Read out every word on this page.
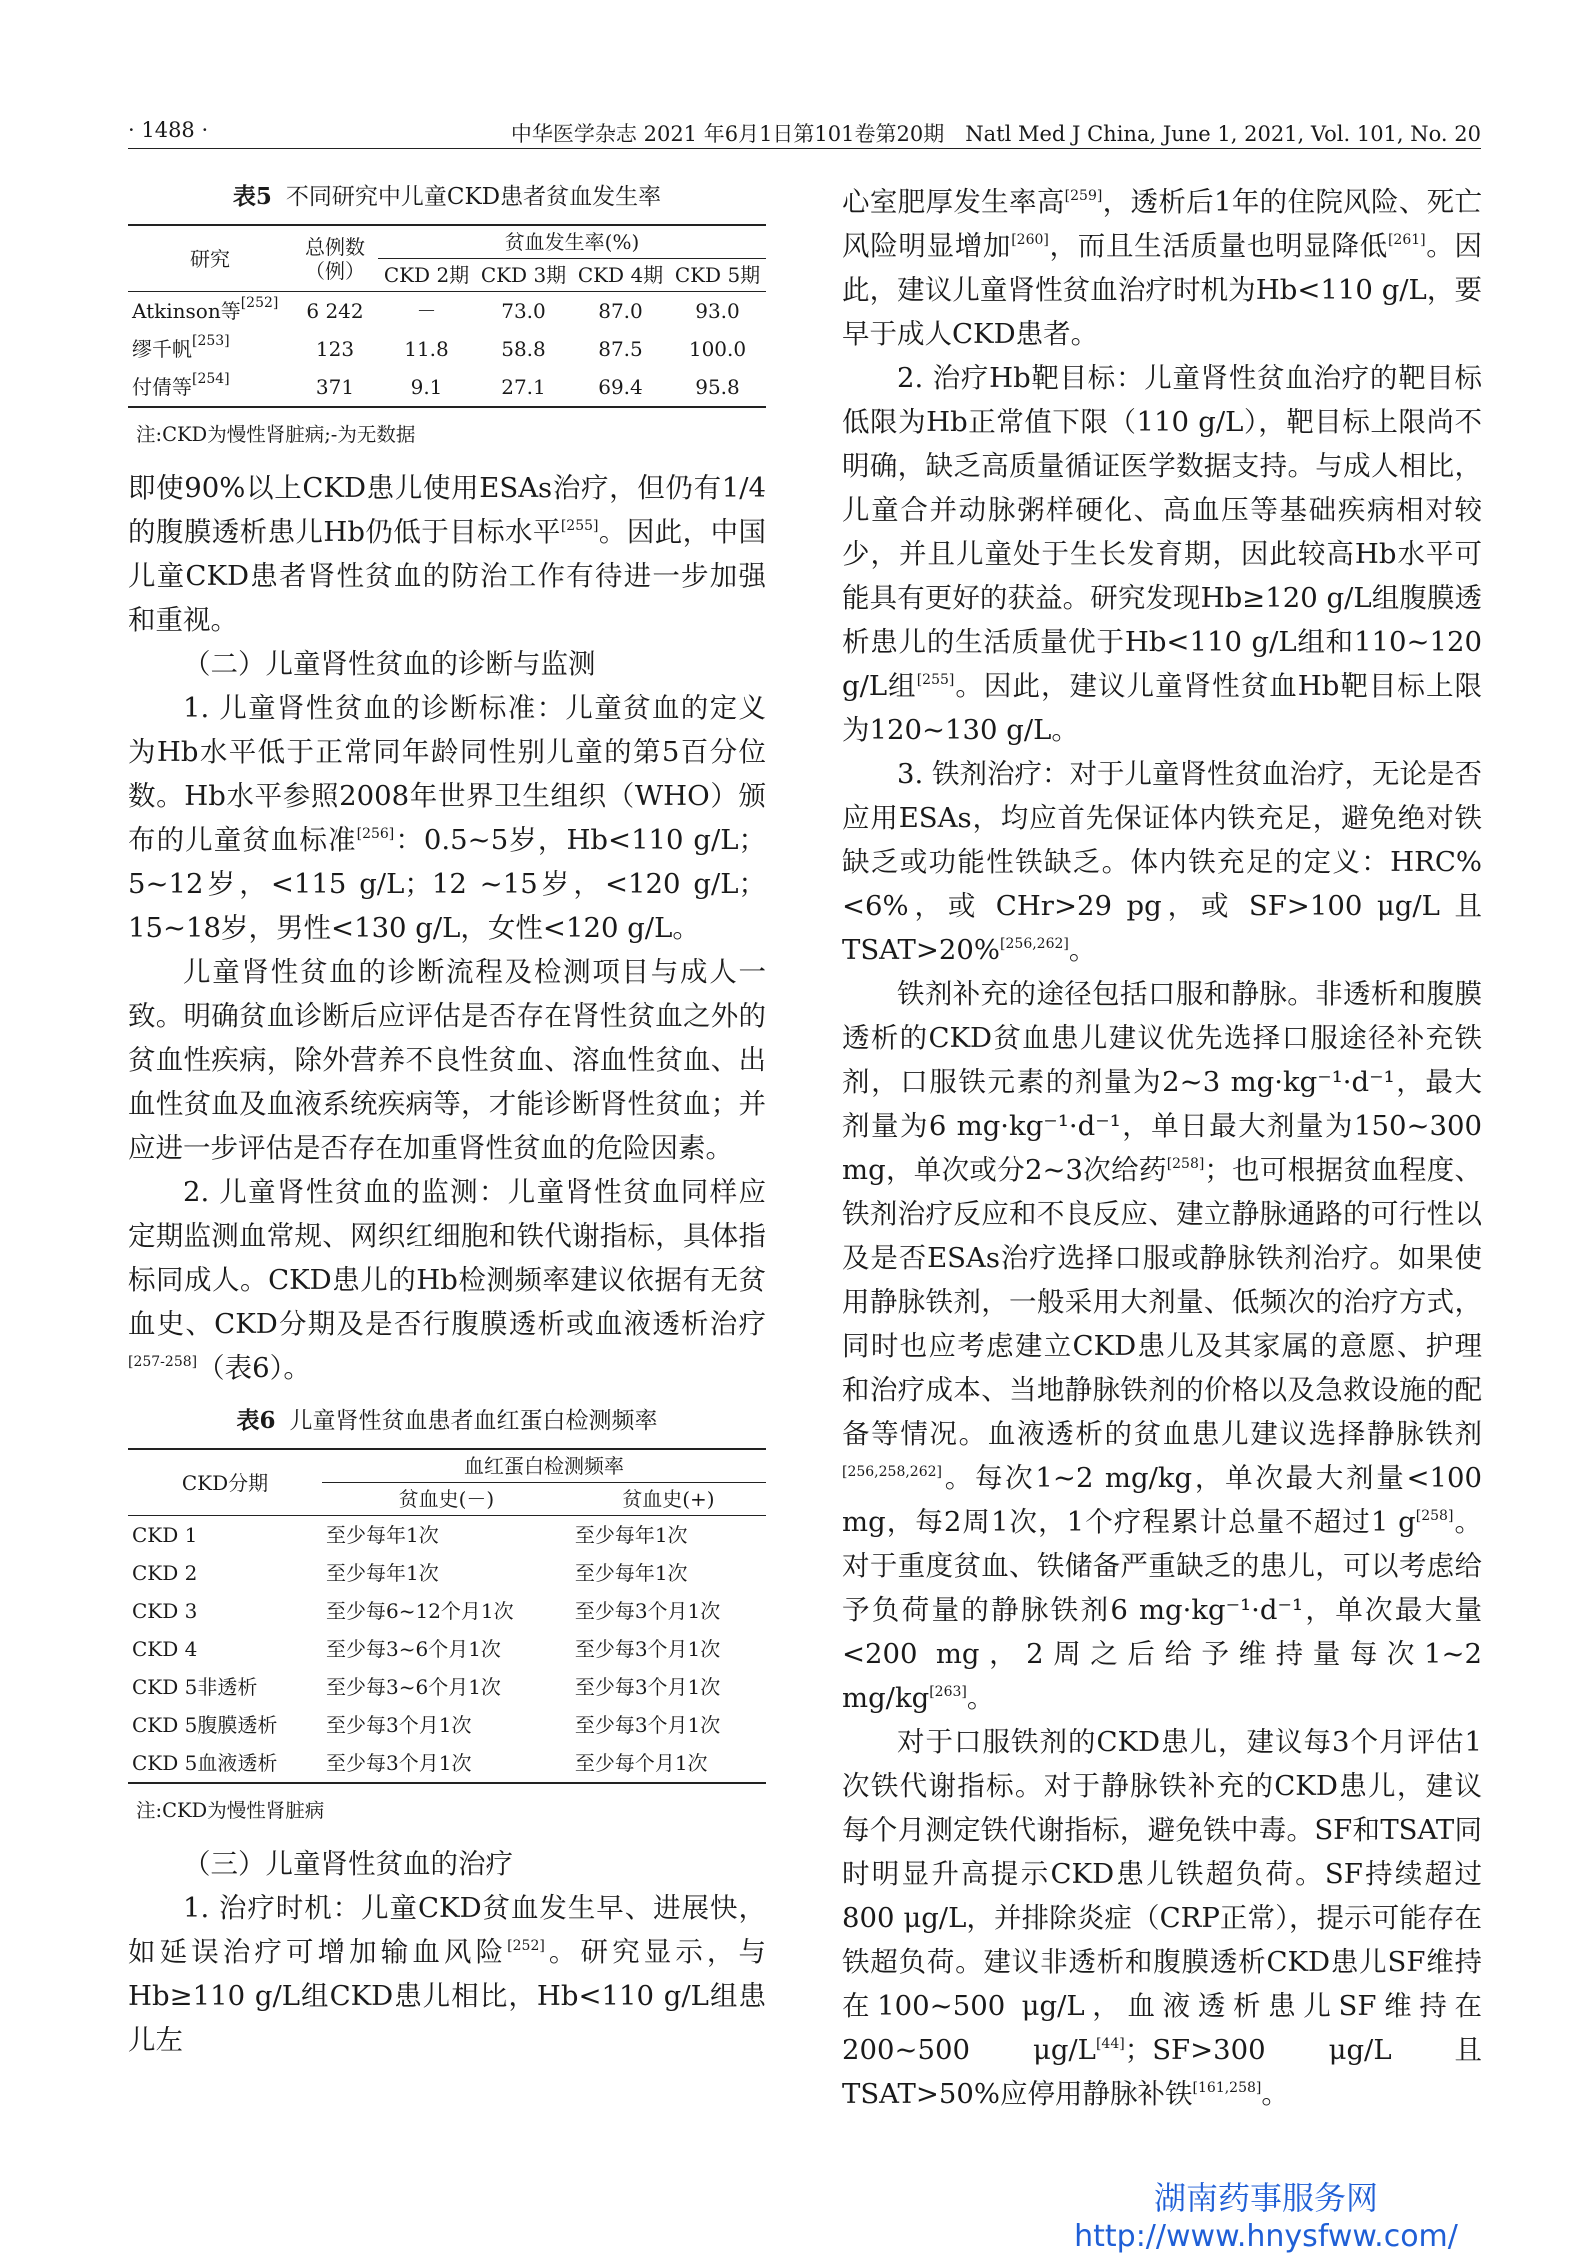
· 1488 ·	中华医学杂志 2021 年6月1日第101卷第20期　Natl Med J China, June 1, 2021, Vol. 101, No. 20
表5 不同研究中儿童CKD患者贫血发生率
研究	总例数（例）	贫血发生率(%)			
		CKD 2期	CKD 3期	CKD 4期	CKD 5期
Atkinson等[252]	6 242	－	73.0	87.0	93.0
缪千帆[253]	123	11.8	58.8	87.5	100.0
付倩等[254]	371	9.1	27.1	69.4	95.8
注:CKD为慢性肾脏病;-为无数据

即使90%以上CKD患儿使用ESAs治疗，但仍有1/4的腹膜透析患儿Hb仍低于目标水平[255]。因此，中国儿童CKD患者肾性贫血的防治工作有待进一步加强和重视。

（二）儿童肾性贫血的诊断与监测

1. 儿童肾性贫血的诊断标准：儿童贫血的定义为Hb水平低于正常同年龄同性别儿童的第5百分位数。Hb水平参照2008年世界卫生组织（WHO）颁布的儿童贫血标准[256]：0.5~5岁，Hb<110 g/L；5~12岁，<115 g/L；12 ~15岁，<120 g/L；15~18岁，男性<130 g/L，女性<120 g/L。

儿童肾性贫血的诊断流程及检测项目与成人一致。明确贫血诊断后应评估是否存在肾性贫血之外的贫血性疾病，除外营养不良性贫血、溶血性贫血、出血性贫血及血液系统疾病等，才能诊断肾性贫血；并应进一步评估是否存在加重肾性贫血的危险因素。

2. 儿童肾性贫血的监测：儿童肾性贫血同样应定期监测血常规、网织红细胞和铁代谢指标，具体指标同成人。CKD患儿的Hb检测频率建议依据有无贫血史、CKD分期及是否行腹膜透析或血液透析治疗[257-258]（表6）。

表6 儿童肾性贫血患者血红蛋白检测频率
CKD分期	血红蛋白检测频率	
	贫血史(－)	贫血史(+)
CKD 1	至少每年1次	至少每年1次
CKD 2	至少每年1次	至少每年1次
CKD 3	至少每6~12个月1次	至少每3个月1次
CKD 4	至少每3~6个月1次	至少每3个月1次
CKD 5非透析	至少每3~6个月1次	至少每3个月1次
CKD 5腹膜透析	至少每3个月1次	至少每3个月1次
CKD 5血液透析	至少每3个月1次	至少每个月1次
注:CKD为慢性肾脏病

（三）儿童肾性贫血的治疗

1. 治疗时机：儿童CKD贫血发生早、进展快，如延误治疗可增加输血风险[252]。研究显示，与Hb≥110 g/L组CKD患儿相比，Hb<110 g/L组患儿左

心室肥厚发生率高[259]，透析后1年的住院风险、死亡风险明显增加[260]，而且生活质量也明显降低[261]。因此，建议儿童肾性贫血治疗时机为Hb<110 g/L，要早于成人CKD患者。

2. 治疗Hb靶目标：儿童肾性贫血治疗的靶目标低限为Hb正常值下限（110 g/L），靶目标上限尚不明确，缺乏高质量循证医学数据支持。与成人相比，儿童合并动脉粥样硬化、高血压等基础疾病相对较少，并且儿童处于生长发育期，因此较高Hb水平可能具有更好的获益。研究发现Hb≥120 g/L组腹膜透析患儿的生活质量优于Hb<110 g/L组和110~120 g/L组[255]。因此，建议儿童肾性贫血Hb靶目标上限为120~130 g/L。

3. 铁剂治疗：对于儿童肾性贫血治疗，无论是否应用ESAs，均应首先保证体内铁充足，避免绝对铁缺乏或功能性铁缺乏。体内铁充足的定义：HRC%<6%，或 CHr>29 pg，或 SF>100 μg/L 且 TSAT>20%[256,262]。

铁剂补充的途径包括口服和静脉。非透析和腹膜透析的CKD贫血患儿建议优先选择口服途径补充铁剂，口服铁元素的剂量为2~3 mg·kg⁻¹·d⁻¹，最大剂量为6 mg·kg⁻¹·d⁻¹，单日最大剂量为150~300 mg，单次或分2~3次给药[258]；也可根据贫血程度、铁剂治疗反应和不良反应、建立静脉通路的可行性以及是否ESAs治疗选择口服或静脉铁剂治疗。如果使用静脉铁剂，一般采用大剂量、低频次的治疗方式，同时也应考虑建立CKD患儿及其家属的意愿、护理和治疗成本、当地静脉铁剂的价格以及急救设施的配备等情况。血液透析的贫血患儿建议选择静脉铁剂[256,258,262]。每次1~2 mg/kg，单次最大剂量<100 mg，每2周1次，1个疗程累计总量不超过1 g[258]。对于重度贫血、铁储备严重缺乏的患儿，可以考虑给予负荷量的静脉铁剂6 mg·kg⁻¹·d⁻¹，单次最大量<200 mg，2周之后给予维持量每次1~2 mg/kg[263]。

对于口服铁剂的CKD患儿，建议每3个月评估1次铁代谢指标。对于静脉铁补充的CKD患儿，建议每个月测定铁代谢指标，避免铁中毒。SF和TSAT同时明显升高提示CKD患儿铁超负荷。SF持续超过800 μg/L，并排除炎症（CRP正常），提示可能存在铁超负荷。建议非透析和腹膜透析CKD患儿SF维持在100~500 μg/L，血液透析患儿SF维持在200~500 μg/L[44]；SF>300 μg/L 且 TSAT>50%应停用静脉补铁[161,258]。

湖南药事服务网
http://www.hnysfww.com/
